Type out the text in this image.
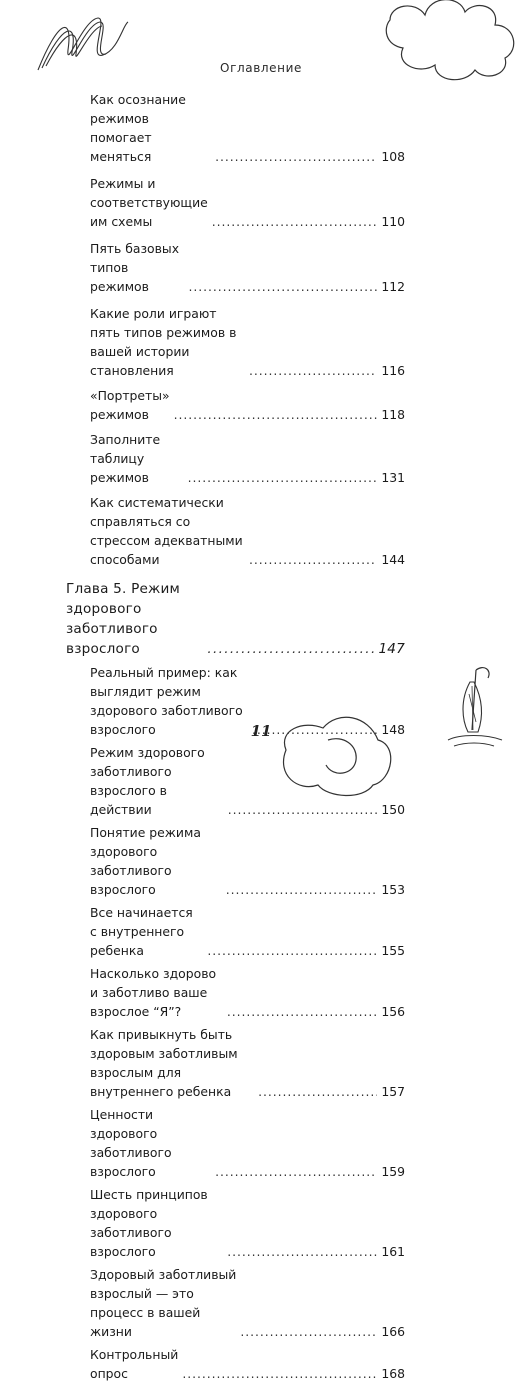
Оглавление
Как осознание режимов помогает меняться . . .	108
Режимы и соответствующие им схемы . . .	110
Пять базовых типов режимов . . .	112
Какие роли играют пять типов режимов в вашей истории становления . . .	116
«Портреты» режимов . . .	118
Заполните таблицу режимов . . .	131
Как систематически справляться со стрессом адекватными способами . . .	144
Глава 5. Режим здорового заботливого взрослого . . .	147
Реальный пример: как выглядит режим здорового заботливого взрослого . . .	148
Режим здорового заботливого взрослого в действии . . .	150
Понятие режима здорового заботливого взрослого . . .	153
Все начинается с внутреннего ребенка . . .	155
Насколько здорово и заботливо ваше взрослое “Я”? . . .	156
Как привыкнуть быть здоровым заботливым взрослым для внутреннего ребенка . . .	157
Ценности здорового заботливого взрослого . . .	159
Шесть принципов здорового заботливого взрослого . . .	161
Здоровый заботливый взрослый — это процесс в вашей жизни . . .	166
Контрольный опрос . . .	168
11
